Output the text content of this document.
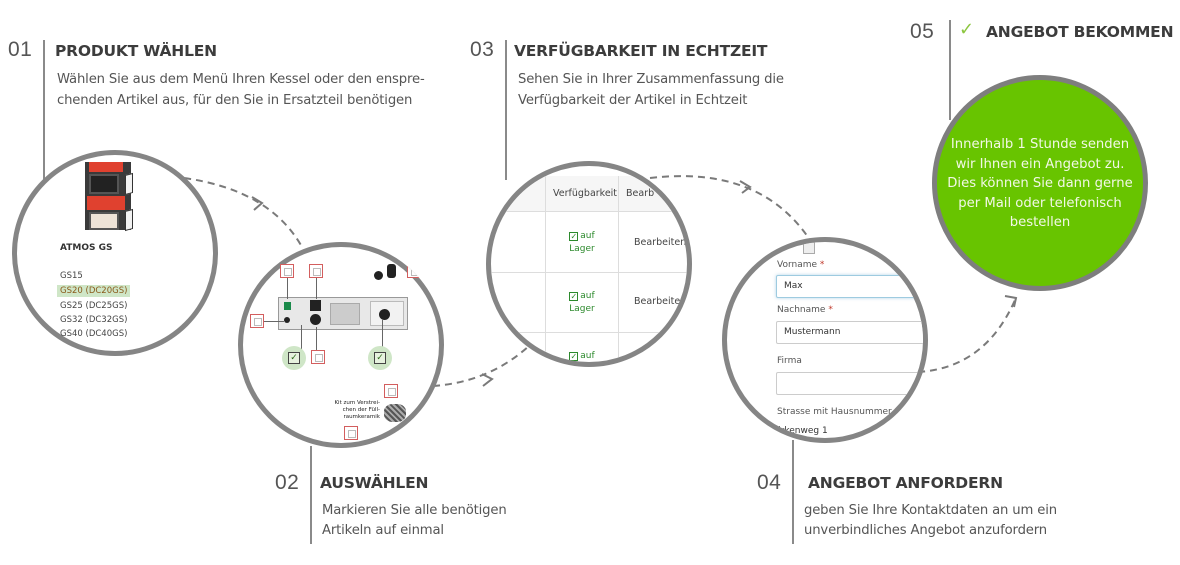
01 PRODUKT WÄHLEN
Wählen Sie aus dem Menü Ihren Kessel oder den enspre-
chenden Artikel aus, für den Sie in Ersatzteil benötigen
ATMOS GS
GS15
GS20 (DC20GS)
GS25 (DC25GS)
GS32 (DC32GS)
GS40 (DC40GS)
✓	✓
Kit zum Verstrei-
chen der Füll-
raumkeramik
02 AUSWÄHLEN
Markieren Sie alle benötigen
Artikeln auf einmal
03 VERFÜGBARKEIT IN ECHTZEIT
Sehen Sie in Ihrer Zusammenfassung die
Verfügbarkeit der Artikel in Echtzeit
Verfügbarkeit Bearb
✓ auf
Lager
Bearbeiten
✓ auf
Lager
Bearbeiten
✓ auf
Vorname *
Max
Nachname *
Mustermann
Firma
Strasse mit Hausnummer *
Birkenweg 1
04 ANGEBOT ANFORDERN
geben Sie Ihre Kontaktdaten an um ein
unverbindliches Angebot anzufordern
05 ✓ ANGEBOT BEKOMMEN
Innerhalb 1 Stunde senden
wir Ihnen ein Angebot zu.
Dies können Sie dann gerne
per Mail oder telefonisch
bestellen
